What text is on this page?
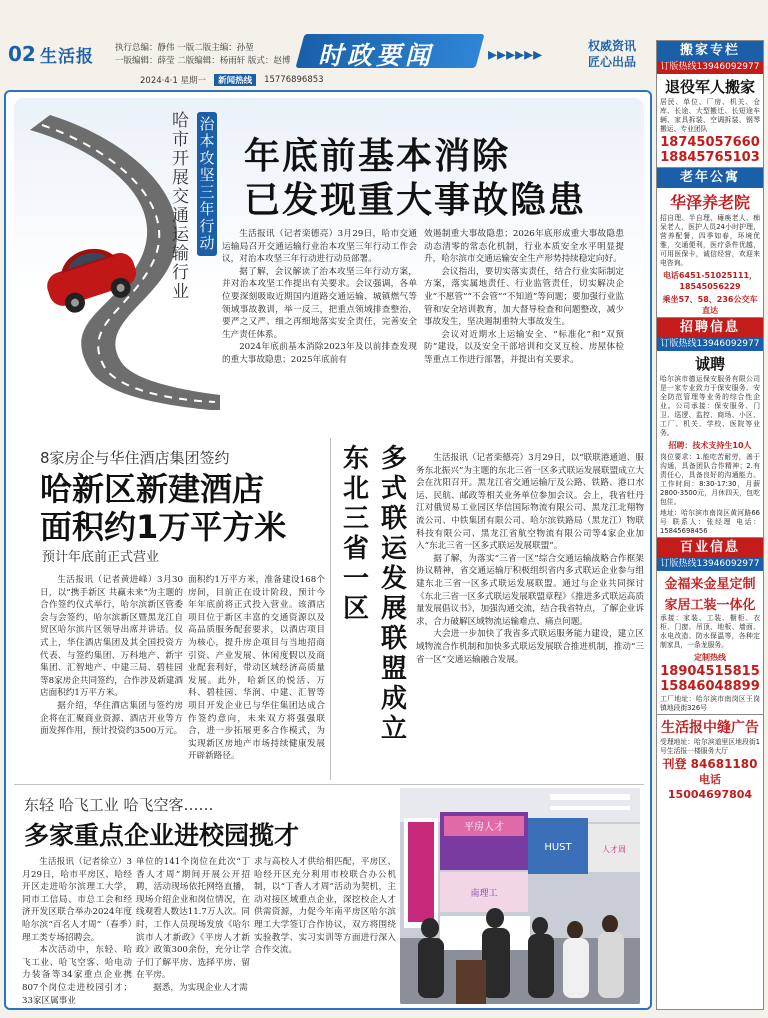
02 生活报 执行总编：静伟 一版二版主编：孙堃
一版编辑：薛莹 二版编辑：杨雨轩 版式：赵博	时政要闻	▸▸▸▸▸▸	权威资讯
匠心出品
2024·4·1 星期一	新闻热线	15776896853
哈市开展交通运输行业
治本攻坚三年行动
年底前基本消除
已发现重大事故隐患

生活报讯（记者栾德亮）3月29日，哈市交通运输局召开交通运输行业治本攻坚三年行动工作会议，对治本攻坚三年行动进行动员部署。

据了解，会议解读了治本攻坚三年行动方案，并对治本攻坚工作提出有关要求。会议强调，各单位要深刻吸取近期国内道路交通运输、城镇燃气等领域事故教训，举一反三，把重点领域排查整治，要严之又严、细之再细地落实安全责任，完善安全生产责任体系。

2024年底前基本消除2023年及以前排查发现的重大事故隐患；2025年底前有

效遏制重大事故隐患；2026年底形成重大事故隐患动态清零的常态化机制，行业本质安全水平明显提升，哈尔滨市交通运输安全生产形势持续稳定向好。

会议指出，要切实落实责任，结合行业实际制定方案，落实属地责任、行业监管责任，切实解决企业“不愿管”“不会管”“不知道”等问题；要加强行业监管和安全培训教育，加大督导检查和问题整改，减少事故发生，坚决遏制重特大事故发生。

会议对近期水上运输安全、“标准化”和“双预防”建设，以及安全干部培训和交叉互检、房屋体检等重点工作进行部署，并提出有关要求。

8家房企与华住酒店集团签约
哈新区新建酒店
面积约1万平方米
预计年底前正式营业

生活报讯（记者黄进峰）3月30日，以“携手新区 共赢未来”为主题的合作签约仪式举行，哈尔滨新区管委会与会签约，哈尔滨新区暨黑龙江自贸区哈尔滨片区领导出席并讲话。仪式上，华住酒店集团及其全国投资方代表、与签约集团、万科地产、新宇集团、汇智地产、中建三局、碧桂园等8家房企共同签约，合作涉及新建酒店面积约1万平方米。

据介绍，华住酒店集团与签约房企将在汇聚商业资源、酒店开业等方面发挥作用，预计投资约3500万元。

面积约1万平方米，准备建设168个房间，目前正在设计阶段，预计今年年底前将正式投入营业。该酒店项目位于新区丰富的交通资源以及高品质服务配套要求，以酒店项目为核心，提升房企项目与当地招商引资、产业发展、休闲度假以及商业配套利好，带动区域经济高质量发展。此外，哈新区的悦活、万科、碧桂园、华润、中建、汇智等项目开发企业已与华住集团达成合作签约意向，未来双方将强强联合，进一步拓展更多合作模式，为实现新区房地产市场持续健康发展开辟新路径。

多式联运发展联盟成立
东北三省一区

生活报讯（记者栾德亮）3月29日，以“联联港通道、服务东北振兴”为主题的东北三省一区多式联运发展联盟成立大会在沈阳召开。黑龙江省交通运输厅及公路、铁路、港口水运、民航、邮政等相关业务单位参加会议。会上，我省牡丹江对俄贸易工业园区华信国际物流有限公司、黑龙江北翔物流公司、中铁集团有限公司、哈尔滨铁路局（黑龙江）物联科技有限公司、黑龙江省航空物流有限公司等4家企业加入“东北三省一区多式联运发展联盟”。

据了解，为落实“三省一区”综合交通运输战略合作框架协议精神，省交通运输厅积极组织省内多式联运企业参与组建东北三省一区多式联运发展联盟。通过与企业共同探讨《东北三省一区多式联运发展联盟章程》《推进多式联运高质量发展倡议书》，加强沟通交流，结合我省特点，了解企业诉求，合力破解区域物流运输难点、痛点问题。

大会进一步加快了我省多式联运服务能力建设，建立区域物流合作机制和加快多式联运发展联合推进机制，推动“三省一区”交通运输融合发展。

东轻 哈飞工业 哈飞空客……
多家重点企业进校园揽才

生活报讯（记者徐立）3月29日，哈市平房区、哈经开区走进哈尔滨理工大学，同市工信局、市总工会和经济开发区联合举办2024年度哈尔滨“百名人才周”（春季）理工类专场招聘会。

本次活动中，东轻、哈飞工业、哈飞空客、哈电动力装备等34家重点企业携807个岗位走进校园引才；33家区属事业

单位的141个岗位在此次“丁香人才周”期间开展公开招聘，活动现场依托网络直播，现场介绍企业和岗位情况，在线观看人数达11.7万人次。同时，工作人员现场发放《哈尔滨市人才新政》《平房人才新政》政策300余份，充分让学子们了解平房、选择平房、留在平房。

据悉，为实现企业人才需

求与高校人才供给相匹配，平房区、哈经开区充分利用市校联合办公机制，以“丁香人才周”活动为契机，主动对接区域重点企业，深挖校企人才供需资源，力促今年南平房区哈尔滨理工大学签订合作协议，双方将围绕实验教学、实习实训等方面进行深入合作交流。

平房人才
南理工
HUST	人才周
搬家专栏
订版热线13946092977
退役军人搬家
居民、单位、厂房、机关、仓库、长途、大型搬迁、长短途车辆、家具拆装、空调拆装、钢琴搬运、专业团队
18745057660
18845765103
老年公寓
华泽养老院
招自理、半自理、瘫痪老人、痴呆老人，医护人员24小时护理，营养配餐，四季如春，环境优雅，交通便利，医疗条件优越，可用医保卡，诚信经营，欢迎来电咨询。
电话6451-51025111，18545056229
乘坐57、58、236公交车直达
招聘信息
订版热线13946092977
诚聘
哈尔滨市德运保安服务有限公司是一家专业致力于保安服务、安全防范管理等业务的综合性企业。公司承接：保安服务、门卫、巡逻、监控、商场、小区、工厂、机关、学校、医院等业务。
招聘：技术支持生10人
岗位要求：1.能吃苦耐劳，善于沟通，具备团队合作精神；2.有责任心，具备良好的沟通能力。工作时间：8:30-17:30，月薪2800-3500元，月休四天，包吃包住。
地址：哈尔滨市南岗区黄河路66号 联系人：张经理 电话：15845698456
百业信息
订版热线13946092977
金福来金星定制
家居工装一体化
承接：家装、工装、橱柜、衣柜、门窗、吊顶、地板、墙面、水电改造、防水保温等，各种定制家具，一条龙服务。
定制热线
18904515815
15846048899
工厂地址：哈尔滨市南岗区王岗镇地段街326号
生活报中缝广告
受理地址：哈尔滨道里区地段街1号生活报一楼服务大厅
刊登 84681180
电话 15004697804
